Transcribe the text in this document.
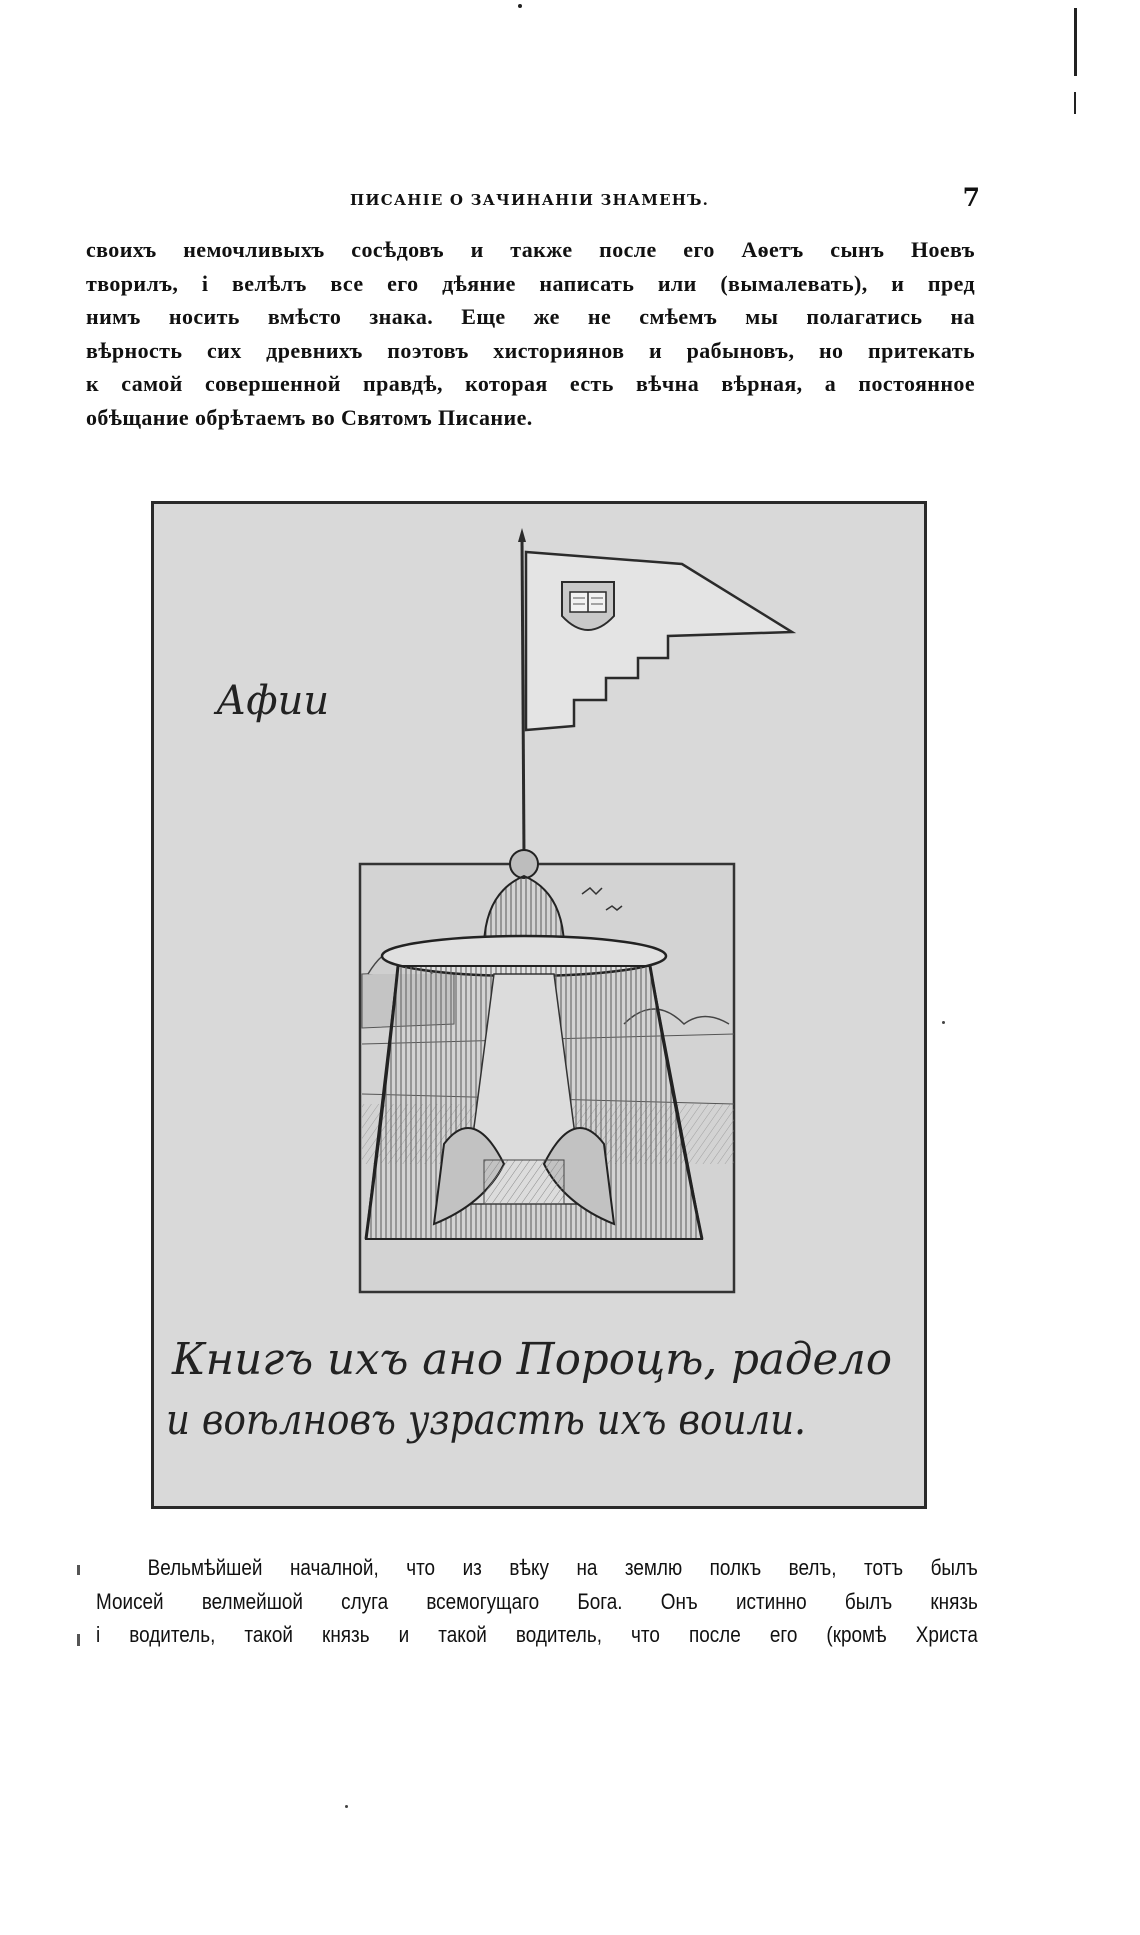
ПИСАНІЕ О ЗАЧИНАНІИ ЗНАМЕНЪ.	7
своихъ немочливыхъ сосѣдовъ и также после его Аѳетъ сынъ Ноевъ
творилъ, і велѣлъ все его дѣяние написать или (вымалевать), и пред
нимъ носить вмѣсто знака. Еще же не смѣемъ мы полагатись на
вѣрность сих древнихъ поэтовъ хисториянов и рабыновъ, но притекать
к самой совершенной правдѣ, которая есть вѣчна вѣрная, а постоянное
обѣщание обрѣтаемъ во Святомъ Писание.
Афии
Книгъ иxъ ано Пороцѣ, радело
и воѣлновъ узрастѣ иxъ воили.
Вельмѣйшей началной, что из вѣку на землю полкъ велъ, тотъ былъ
Моисей велмейшой слуга всемогущаго Бога. Онъ истинно былъ князь
і водитель, такой князь и такой водитель, что после его (кромѣ Христа
